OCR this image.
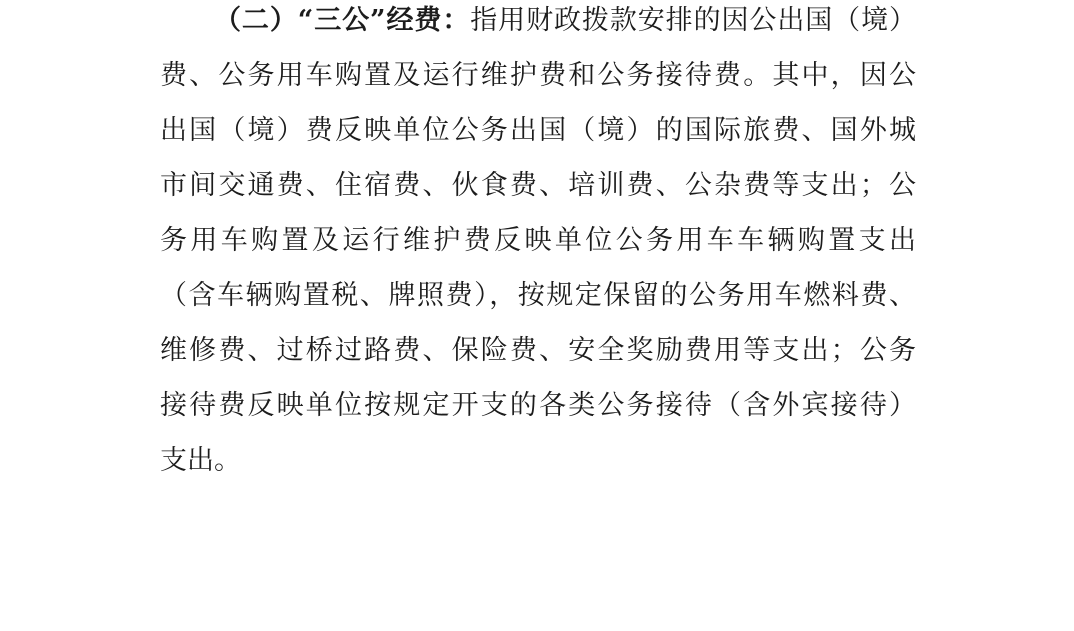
（二）“三公”经费：指用财政拨款安排的因公出国（境）
费、公务用车购置及运行维护费和公务接待费。其中，因公
出国（境）费反映单位公务出国（境）的国际旅费、国外城
市间交通费、住宿费、伙食费、培训费、公杂费等支出；公
务用车购置及运行维护费反映单位公务用车车辆购置支出
（含车辆购置税、牌照费），按规定保留的公务用车燃料费、
维修费、过桥过路费、保险费、安全奖励费用等支出；公务
接待费反映单位按规定开支的各类公务接待（含外宾接待）
支出。
